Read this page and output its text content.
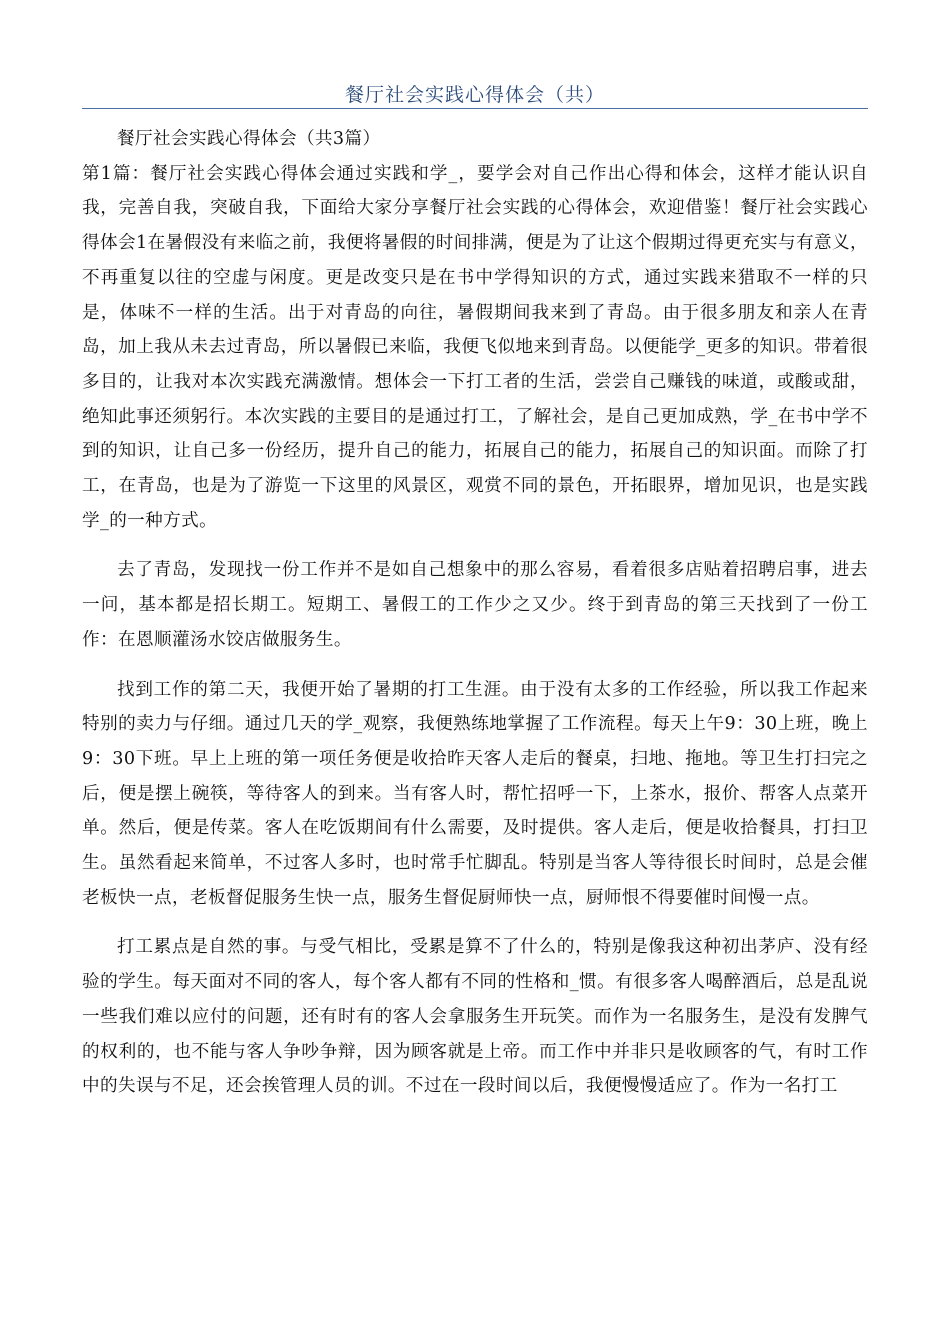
餐厅社会实践心得体会（共）

餐厅社会实践心得体会（共3篇）

第1篇：餐厅社会实践心得体会通过实践和学_，要学会对自己作出心得和体会，这样才能认识自我，完善自我，突破自我，下面给大家分享餐厅社会实践的心得体会，欢迎借鉴！餐厅社会实践心得体会1在暑假没有来临之前，我便将暑假的时间排满，便是为了让这个假期过得更充实与有意义，不再重复以往的空虚与闲度。更是改变只是在书中学得知识的方式，通过实践来猎取不一样的只是，体味不一样的生活。出于对青岛的向往，暑假期间我来到了青岛。由于很多朋友和亲人在青岛，加上我从未去过青岛，所以暑假已来临，我便飞似地来到青岛。以便能学_更多的知识。带着很多目的，让我对本次实践充满激情。想体会一下打工者的生活，尝尝自己赚钱的味道，或酸或甜，绝知此事还须躬行。本次实践的主要目的是通过打工，了解社会，是自己更加成熟，学_在书中学不到的知识，让自己多一份经历，提升自己的能力，拓展自己的能力，拓展自己的知识面。而除了打工，在青岛，也是为了游览一下这里的风景区，观赏不同的景色，开拓眼界，增加见识，也是实践学_的一种方式。

去了青岛，发现找一份工作并不是如自己想象中的那么容易，看着很多店贴着招聘启事，进去一问，基本都是招长期工。短期工、暑假工的工作少之又少。终于到青岛的第三天找到了一份工作：在恩顺灌汤水饺店做服务生。

找到工作的第二天，我便开始了暑期的打工生涯。由于没有太多的工作经验，所以我工作起来特别的卖力与仔细。通过几天的学_观察，我便熟练地掌握了工作流程。每天上午9：30上班，晚上9：30下班。早上上班的第一项任务便是收拾昨天客人走后的餐桌，扫地、拖地。等卫生打扫完之后，便是摆上碗筷，等待客人的到来。当有客人时，帮忙招呼一下，上茶水，报价、帮客人点菜开单。然后，便是传菜。客人在吃饭期间有什么需要，及时提供。客人走后，便是收拾餐具，打扫卫生。虽然看起来简单，不过客人多时，也时常手忙脚乱。特别是当客人等待很长时间时，总是会催老板快一点，老板督促服务生快一点，服务生督促厨师快一点，厨师恨不得要催时间慢一点。

打工累点是自然的事。与受气相比，受累是算不了什么的，特别是像我这种初出茅庐、没有经验的学生。每天面对不同的客人，每个客人都有不同的性格和_惯。有很多客人喝醉酒后，总是乱说一些我们难以应付的问题，还有时有的客人会拿服务生开玩笑。而作为一名服务生，是没有发脾气的权利的，也不能与客人争吵争辩，因为顾客就是上帝。而工作中并非只是收顾客的气，有时工作中的失误与不足，还会挨管理人员的训。不过在一段时间以后，我便慢慢适应了。作为一名打工
